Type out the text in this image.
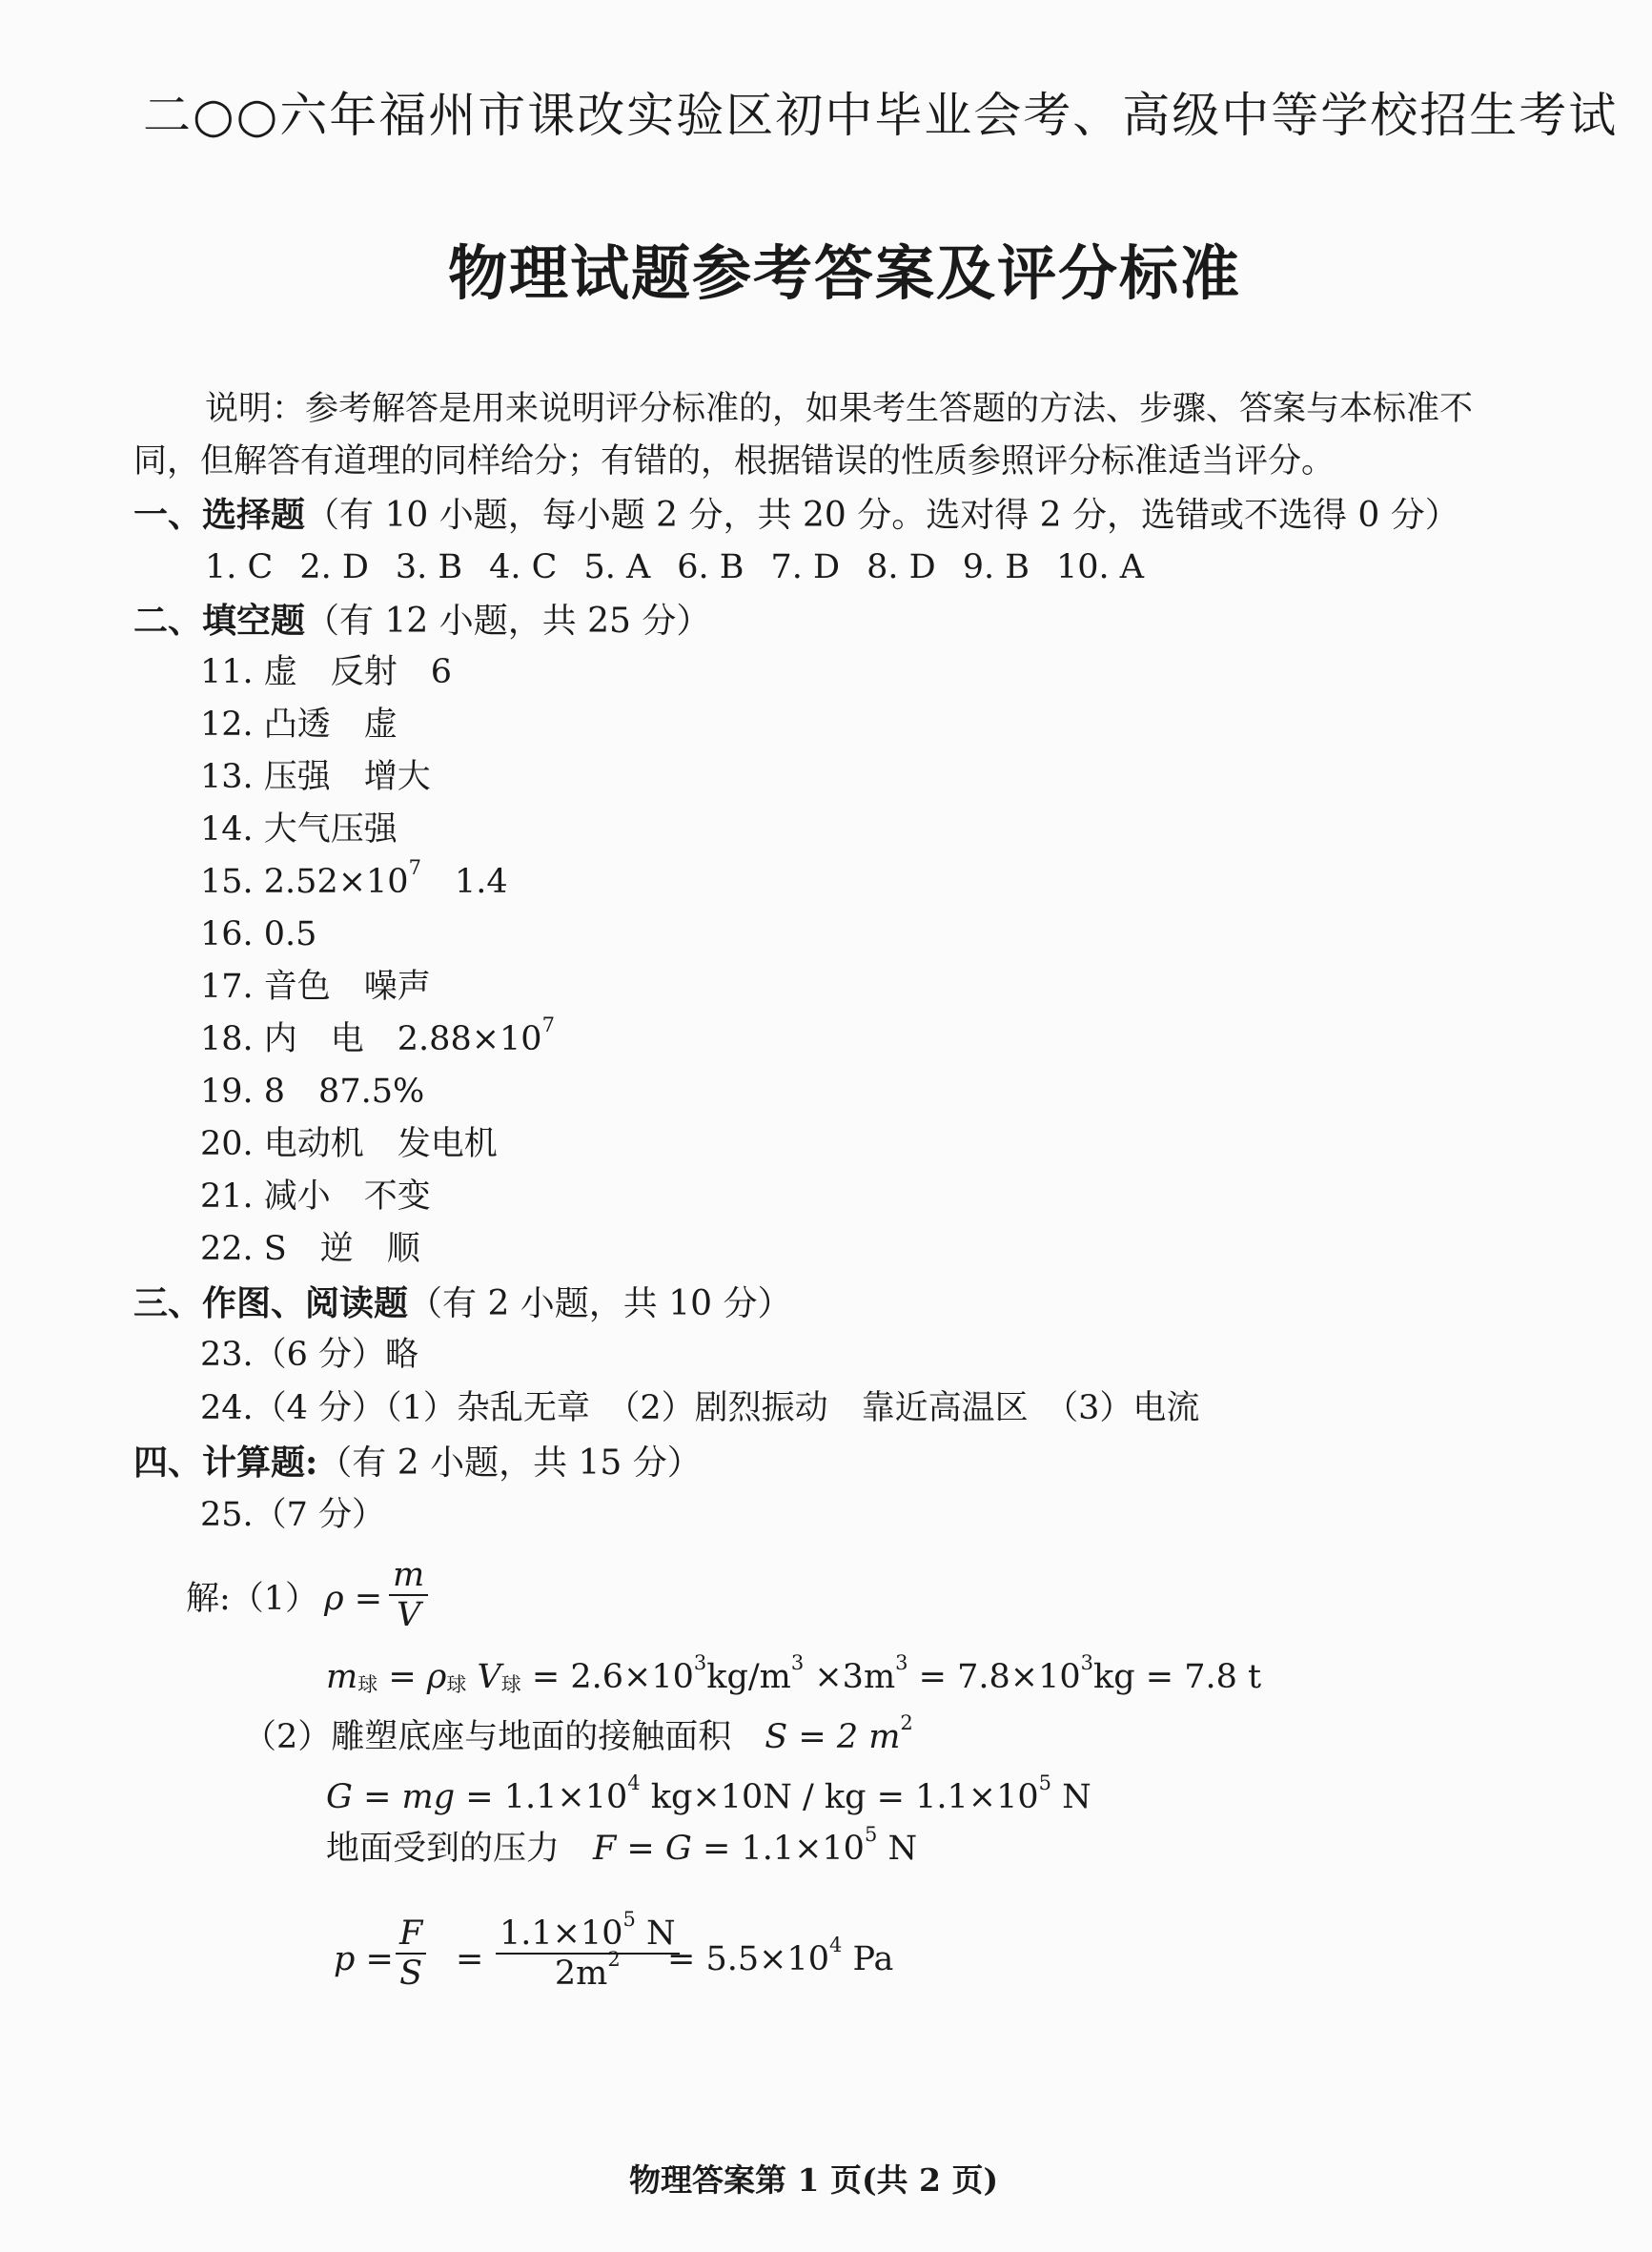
二○○六年福州市课改实验区初中毕业会考、高级中等学校招生考试
物理试题参考答案及评分标准
说明：参考解答是用来说明评分标准的，如果考生答题的方法、步骤、答案与本标准不
同，但解答有道理的同样给分；有错的，根据错误的性质参照评分标准适当评分。
一、选择题（有 10 小题，每小题 2 分，共 20 分。选对得 2 分，选错或不选得 0 分）
1. C 2. D 3. B 4. C 5. A 6. B 7. D 8. D 9. B 10. A
二、填空题（有 12 小题，共 25 分）
11. 虚　反射　6
12. 凸透　虚
13. 压强　增大
14. 大气压强
15. $2.52\times 10^7$　1.4
16. 0.5
17. 音色　噪声
18. 内　电　$2.88\times 10^7$
19. 8　87.5%
20. 电动机　发电机
21. 减小　不变
22. S　逆　顺
三、作图、阅读题（有 2 小题，共 10 分）
23.（6 分）略
24.（4 分）（1）杂乱无章　（2）剧烈振动　靠近高温区　（3）电流
四、计算题:（有 2 小题，共 15 分）
25.（7 分）
解:（1） ρ =
m
V
$m_球 = \rho_球$ $V_球 = 2.6\times 10^3kg/m^3 \times 3m^3 = 7.8\times 10^3kg = 7.8$ t
（2）雕塑底座与地面的接触面积　S = 2 $m^2$
G = mg = $1.1\times 10^4$ kg×10N / kg = $1.1\times 10^5$ N
地面受到的压力　$F = G = 1.1\times 10^5$ N
p =
F
S =
$1.1\times 10^5$ N
$2m^2$	= $5.5\times 10^4$ Pa
物理答案第 1 页(共 2 页)
